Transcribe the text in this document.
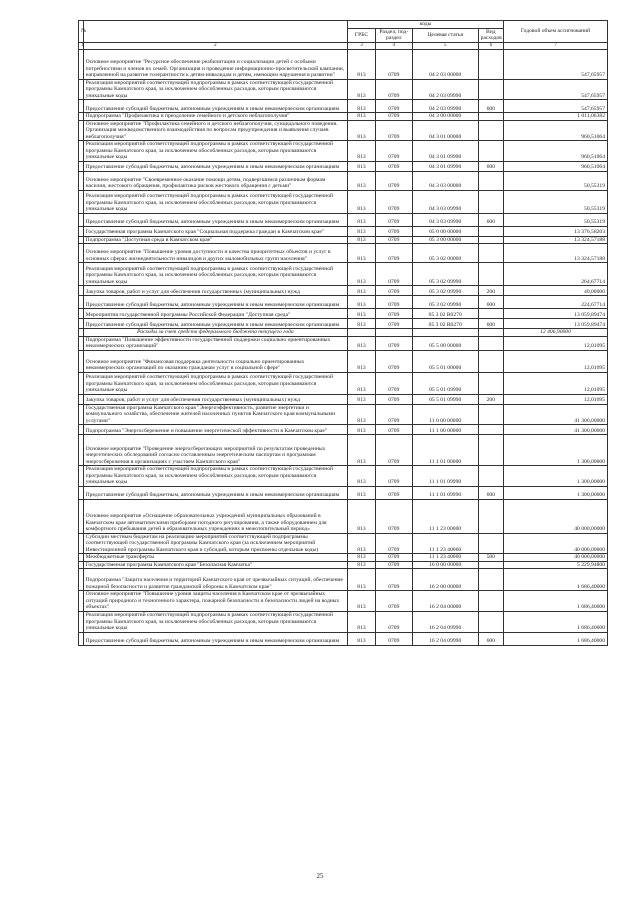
№		коды				Годовой объем ассигнований
		ГРБС	Раздел, под-раздел	Целевая статья	Вид расходов	
1	2	3	4	5	6	7
	Основное мероприятие "Ресурсное обеспечение реабилитации и социализации детей с особыми потребностями и членов их семей. Организация и проведение информационно-просветительской кампании, направленной на развитие толерантности к детям-инвалидам и детям, имеющим нарушения в развитии"	813	0709	04 2 03 00000		547,65957
	Реализация мероприятий соответствующей подпрограммы в рамках соответствующей государственной программы Камчатского края, за исключением обособленных расходов, которым присваиваются уникальные коды	813	0709	04 2 03 09990		547,65957
	Предоставление субсидий бюджетным, автономным учреждениям и иным некоммерческим организациям	813	0709	04 2 03 09990	600	547,65957
	Подпрограмма "Профилактика и преодоление семейного и детского неблагополучия"	813	0709	04 3 00 00000		1 011,06382
	Основное мероприятие "Профилактика семейного и детского неблагополучия, суицидального поведения. Организация межведомственного взаимодействия по вопросам предупреждения и выявления случаев неблагополучия"	813	0709	04 3 01 00000		960,51064
	Реализация мероприятий соответствующей подпрограммы в рамках соответствующей государственной программы Камчатского края, за исключением обособленных расходов, которым присваиваются уникальные коды	813	0709	04 3 01 09990		960,51064
	Предоставление субсидий бюджетным, автономным учреждениям и иным некоммерческим организациям	813	0709	04 3 01 09990	600	960,51064
	Основное мероприятие "Своевременное оказание помощи детям, подвергшимся различным формам насилия, жестокого обращения, профилактика рисков жестокого обращения с детьми"	813	0709	04 3 03 00000		50,55319
	Реализация мероприятий соответствующей подпрограммы в рамках соответствующей государственной программы Камчатского края, за исключением обособленных расходов, которым присваиваются уникальные коды	813	0709	04 3 03 09990		50,55319
	Предоставление субсидий бюджетным, автономным учреждениям и иным некоммерческим организациям	813	0709	04 3 03 09990	600	50,55319
	Государственная программа Камчатского края "Социальная поддержка граждан в Камчатском крае"	813	0709	05 0 00 00000		13 376,58203
	Подпрограмма "Доступная среда в Камчатском крае"	813	0709	05 3 00 00000		13 324,57188
	Основное мероприятие "Повышение уровня доступности и качества приоритетных объектов и услуг в основных сферах жизнедеятельности инвалидов и других маломобильных групп населения"	813	0709	05 3 02 00000		13 324,57188
	Реализация мероприятий соответствующей подпрограммы в рамках соответствующей государственной программы Камчатского края, за исключением обособленных расходов, которым присваиваются уникальные коды	813	0709	05 3 02 09990		264,67714
	Закупка товаров, работ и услуг для обеспечения государственных (муниципальных) нужд	813	0709	05 3 02 09990	200	40,00000
	Предоставление субсидий бюджетным, автономным учреждениям и иным некоммерческим организациям	813	0709	05 3 02 09990	600	224,67714
	Мероприятия государственной программы Российской Федерации "Доступная среда"	813	0709	05 3 02 R0270		13 059,89474
	Предоставление субсидий бюджетным, автономным учреждениям и иным некоммерческим организациям	813	0709	05 3 02 R0270	600	13 059,89474
	Расходы за счет средств федерального бюджета текущего года					12 406,90000
	Подпрограмма "Повышение эффективности государственной поддержки социально ориентированных некоммерческих организаций"	813	0709	05 5 00 00000		12,01095
	Основное мероприятие "Финансовая поддержка деятельности социально ориентированных некоммерческих организаций по оказанию гражданам услуг в социальной сфере"	813	0709	05 5 01 00000		12,01095
	Реализация мероприятий соответствующей подпрограммы в рамках соответствующей государственной программы Камчатского края, за исключением обособленных расходов, которым присваиваются уникальные коды	813	0709	05 5 01 09990		12,01095
	Закупка товаров, работ и услуг для обеспечения государственных (муниципальных) нужд	813	0709	05 5 01 09990	200	12,01095
	Государственная программа Камчатского края "Энергоэффективность, развитие энергетики и коммунального хозяйства, обеспечение жителей населенных пунктов Камчатского края коммунальными услугами"	813	0709	11 0 00 00000		41 300,00000
	Подпрограмма "Энергосбережение и повышение энергетической эффективности в Камчатском крае"	813	0709	11 1 00 00000		41 300,00000
	Основное мероприятие "Проведение энергосберегающих мероприятий по результатам проведенных энергетических обследований согласно составленным энергетическим паспортам и программам энергосбережения в организациях с участием Камчатского края"	813	0709	11 1 01 00000		1 300,00000
	Реализация мероприятий соответствующей подпрограммы в рамках соответствующей государственной программы Камчатского края, за исключением обособленных расходов, которым присваиваются уникальные коды	813	0709	11 1 01 09990		1 300,00000
	Предоставление субсидий бюджетным, автономным учреждениям и иным некоммерческим организациям	813	0709	11 1 01 09990	600	1 300,00000
	Основное мероприятие «Оснащение образовательных учреждений муниципальных образований в Камчатском крае автоматическими приборами погодного регулирования, а также оборудованием для комфортного пребывания детей в образовательных учреждениях в межотопительный период»	813	0709	11 1 23 00000		40 000,00000
	Субсидии местным бюджетам на реализацию мероприятий соответствующей подпрограммы соответствующей государственной программы Камчатского края (за исключением мероприятий Инвестиционной программы Камчатского края и субсидий, которым присвоены отдельные коды)	813	0709	11 1 23 40060		40 000,00000
	Межбюджетные трансферты	813	0709	11 1 23 40060	500	40 000,00000
	Государственная программа Камчатского края "Безопасная Камчатка"	813	0709	16 0 00 00000		5 229,94800
	Подпрограмма "Защита населения и территорий Камчатского края от чрезвычайных ситуаций, обеспечение пожарной безопасности и развитие гражданской обороны в Камчатском крае"	813	0709	16 2 00 00000		1 686,40000
	Основное мероприятие "Повышение уровня защиты населения в Камчатском крае от чрезвычайных ситуаций природного и техногенного характера, пожарной безопасности и безопасности людей на водных объектах"	813	0709	16 2 04 00000		1 686,40000
	Реализация мероприятий соответствующей подпрограммы в рамках соответствующей государственной программы Камчатского края, за исключением обособленных расходов, которым присваиваются уникальные коды	813	0709	16 2 04 09990		1 686,40000
	Предоставление субсидий бюджетным, автономным учреждениям и иным некоммерческим организациям	813	0709	16 2 04 09990	600	1 686,40000
25
